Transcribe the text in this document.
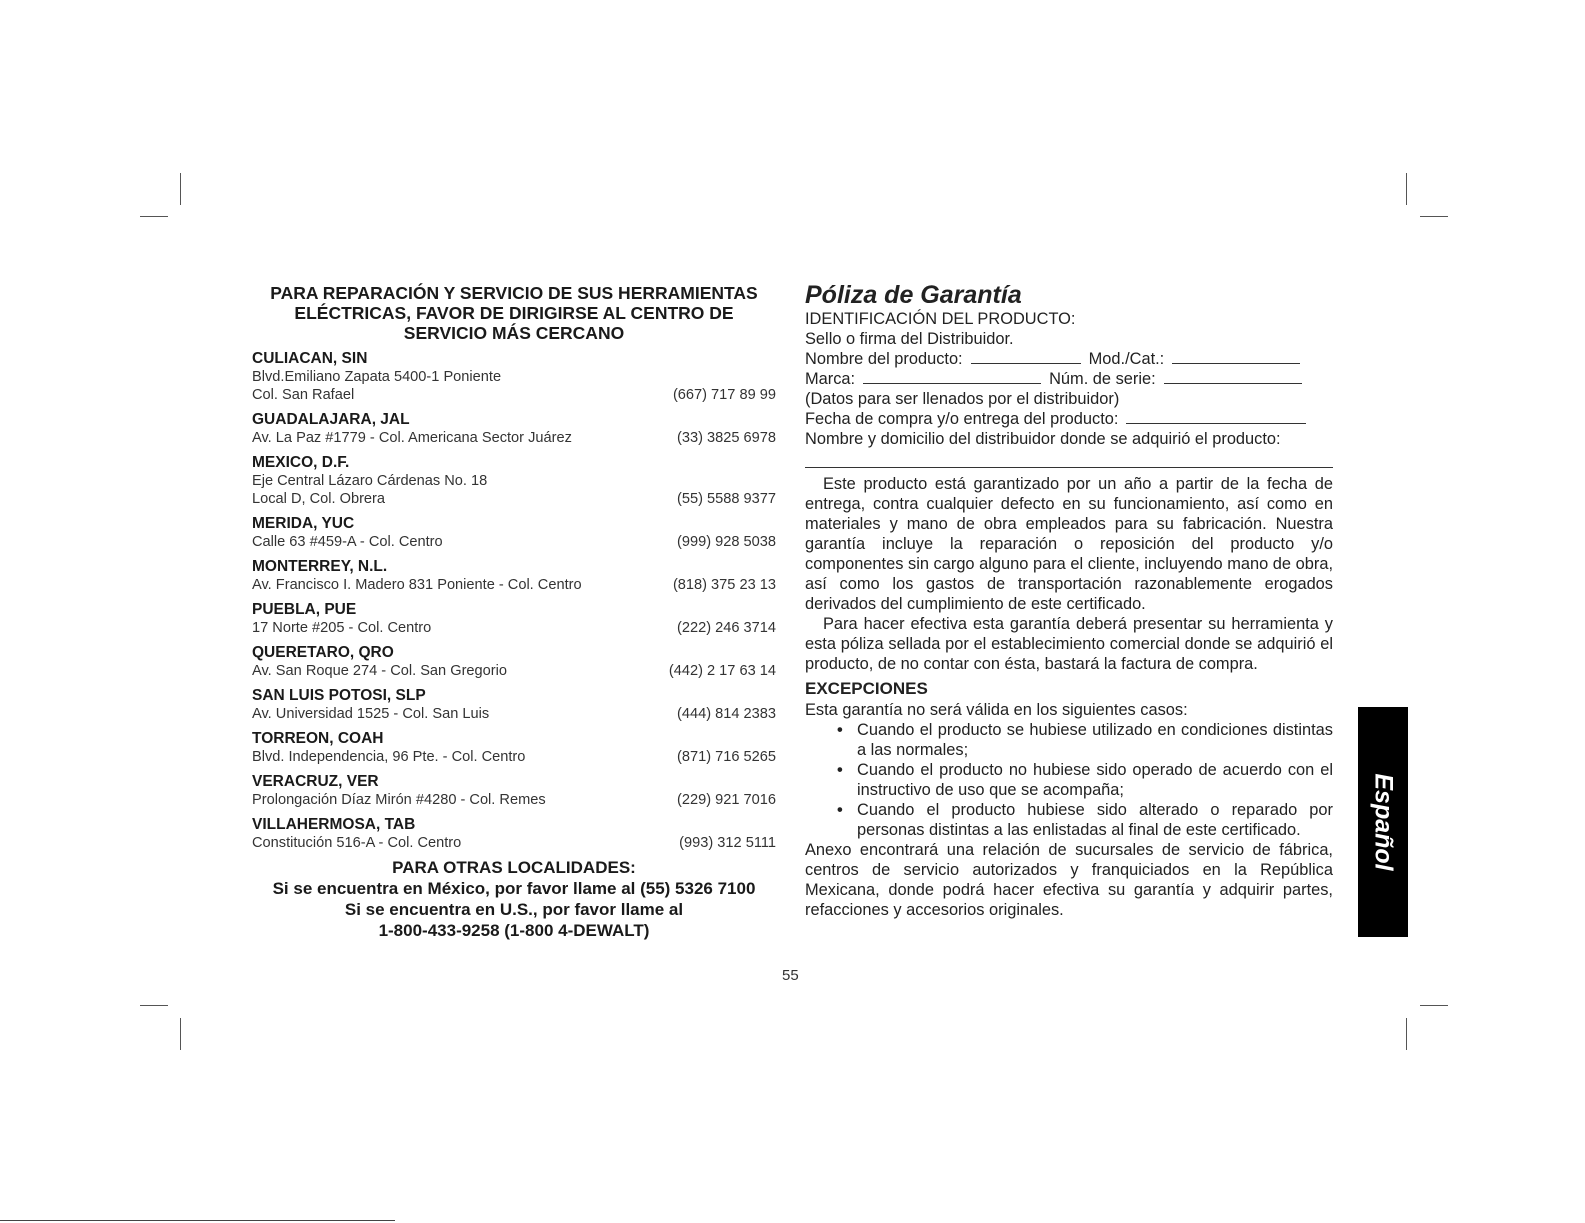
PARA REPARACIÓN Y SERVICIO DE SUS HERRAMIENTAS
ELÉCTRICAS, FAVOR DE DIRIGIRSE AL CENTRO DE
SERVICIO MÁS CERCANO
CULIACAN, SIN
Blvd.Emiliano Zapata 5400-1 Poniente
Col. San Rafael	(667) 717 89 99
GUADALAJARA, JAL
Av. La Paz #1779 - Col. Americana Sector Juárez	(33) 3825 6978
MEXICO, D.F.
Eje Central Lázaro Cárdenas No. 18
Local D, Col. Obrera	(55) 5588 9377
MERIDA, YUC
Calle 63 #459-A - Col. Centro	(999) 928 5038
MONTERREY, N.L.
Av. Francisco I. Madero 831 Poniente - Col. Centro	(818) 375 23 13
PUEBLA, PUE
17 Norte #205 - Col. Centro	(222) 246 3714
QUERETARO, QRO
Av. San Roque 274 - Col. San Gregorio	(442) 2 17 63 14
SAN LUIS POTOSI, SLP
Av. Universidad 1525 - Col. San Luis	(444) 814 2383
TORREON, COAH
Blvd. Independencia, 96 Pte. - Col. Centro	(871) 716 5265
VERACRUZ, VER
Prolongación Díaz Mirón #4280 - Col. Remes	(229) 921 7016
VILLAHERMOSA, TAB
Constitución 516-A - Col. Centro	(993) 312 5111
PARA OTRAS LOCALIDADES:
Si se encuentra en México, por favor llame al (55) 5326 7100
Si se encuentra en U.S., por favor llame al
1-800-433-9258 (1-800 4-DEWALT)
Póliza de Garantía
IDENTIFICACIÓN DEL PRODUCTO:
Sello o firma del Distribuidor.
Nombre del producto:	Mod./Cat.:
Marca:	Núm. de serie:
(Datos para ser llenados por el distribuidor)
Fecha de compra y/o entrega del producto:
Nombre y domicilio del distribuidor donde se adquirió el producto:

Este producto está garantizado por un año a partir de la fecha de entrega, contra cualquier defecto en su funcionamiento, así como en materiales y mano de obra empleados para su fabricación. Nuestra garantía incluye la reparación o reposición del producto y/o componentes sin cargo alguno para el cliente, incluyendo mano de obra, así como los gastos de transportación razonablemente erogados derivados del cumplimiento de este certificado.

Para hacer efectiva esta garantía deberá presentar su herramienta y esta póliza sellada por el establecimiento comercial donde se adquirió el producto, de no contar con ésta, bastará la factura de compra.

EXCEPCIONES
Esta garantía no será válida en los siguientes casos:
• Cuando el producto se hubiese utilizado en condiciones distintas a las normales;
• Cuando el producto no hubiese sido operado de acuerdo con el instructivo de uso que se acompaña;
• Cuando el producto hubiese sido alterado o reparado por personas distintas a las enlistadas al final de este certificado.
Anexo encontrará una relación de sucursales de servicio de fábrica, centros de servicio autorizados y franquiciados en la República Mexicana, donde podrá hacer efectiva su garantía y adquirir partes, refacciones y accesorios originales.
Español
55
